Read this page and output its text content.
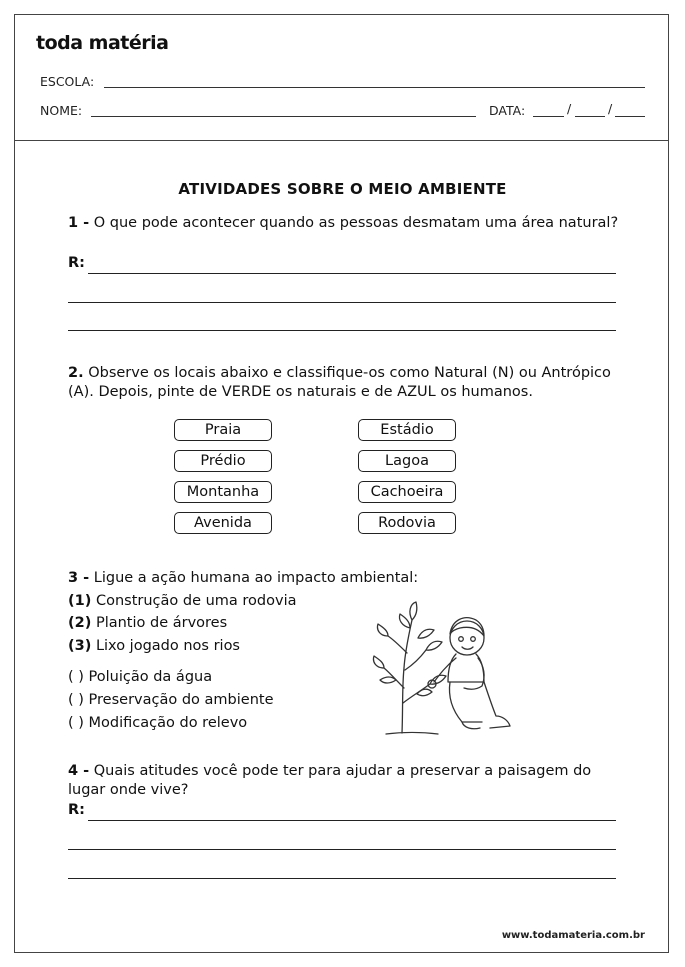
toda matéria
ESCOLA:
NOME:	DATA:	/	/
ATIVIDADES SOBRE O MEIO AMBIENTE
1 - O que pode acontecer quando as pessoas desmatam uma área natural?
R:
2. Observe os locais abaixo e classifique-os como Natural (N) ou Antrópico (A). Depois, pinte de VERDE os naturais e de AZUL os humanos.
Praia
Prédio
Montanha
Avenida
Estádio
Lagoa
Cachoeira
Rodovia
3 - Ligue a ação humana ao impacto ambiental:
(1) Construção de uma rodovia
(2) Plantio de árvores
(3) Lixo jogado nos rios
( ) Poluição da água
( ) Preservação do ambiente
( ) Modificação do relevo
4 - Quais atitudes você pode ter para ajudar a preservar a paisagem do lugar onde vive?
R:
www.todamateria.com.br
